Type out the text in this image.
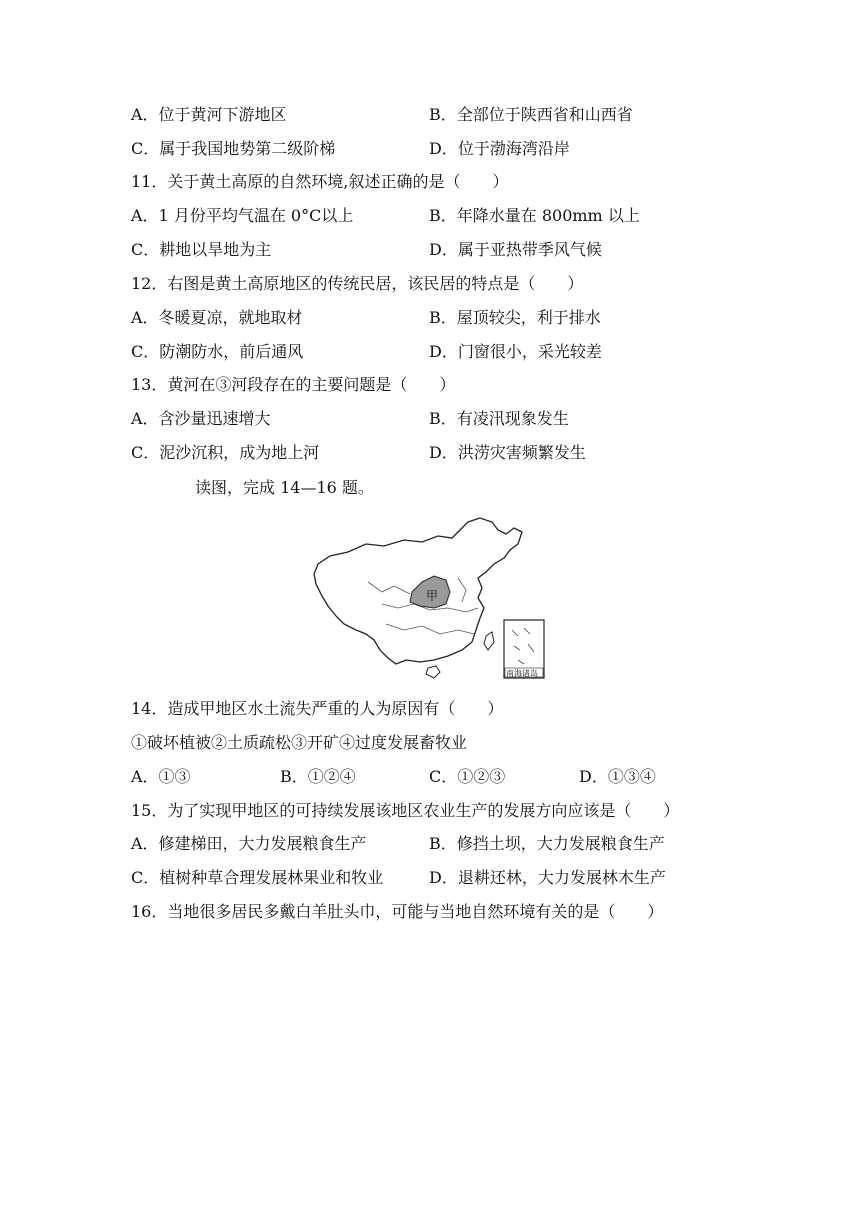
A．位于黄河下游地区	B．全部位于陕西省和山西省
C．属于我国地势第二级阶梯	D．位于渤海湾沿岸
11．关于黄土高原的自然环境,叙述正确的是（　　）
A．1 月份平均气温在 0°C以上	B．年降水量在 800mm 以上
C．耕地以旱地为主	D．属于亚热带季风气候
12．右图是黄土高原地区的传统民居，该民居的特点是（　　）
A．冬暖夏凉，就地取材	B．屋顶较尖，利于排水
C．防潮防水，前后通风	D．门窗很小，采光较差
13．黄河在③河段存在的主要问题是（　　）
A．含沙量迅速增大	B．有凌汛现象发生
C．泥沙沉积，成为地上河	D．洪涝灾害频繁发生
读图，完成 14—16 题。
甲
南海诸岛
14．造成甲地区水土流失严重的人为原因有（　　）
①破坏植被②土质疏松③开矿④过度发展畜牧业
A．①③	B．①②④	C．①②③	D．①③④
15．为了实现甲地区的可持续发展该地区农业生产的发展方向应该是（　　）
A．修建梯田，大力发展粮食生产	B．修挡土坝，大力发展粮食生产
C．植树种草合理发展林果业和牧业	D．退耕还林，大力发展林木生产
16．当地很多居民多戴白羊肚头巾，可能与当地自然环境有关的是（　　）
